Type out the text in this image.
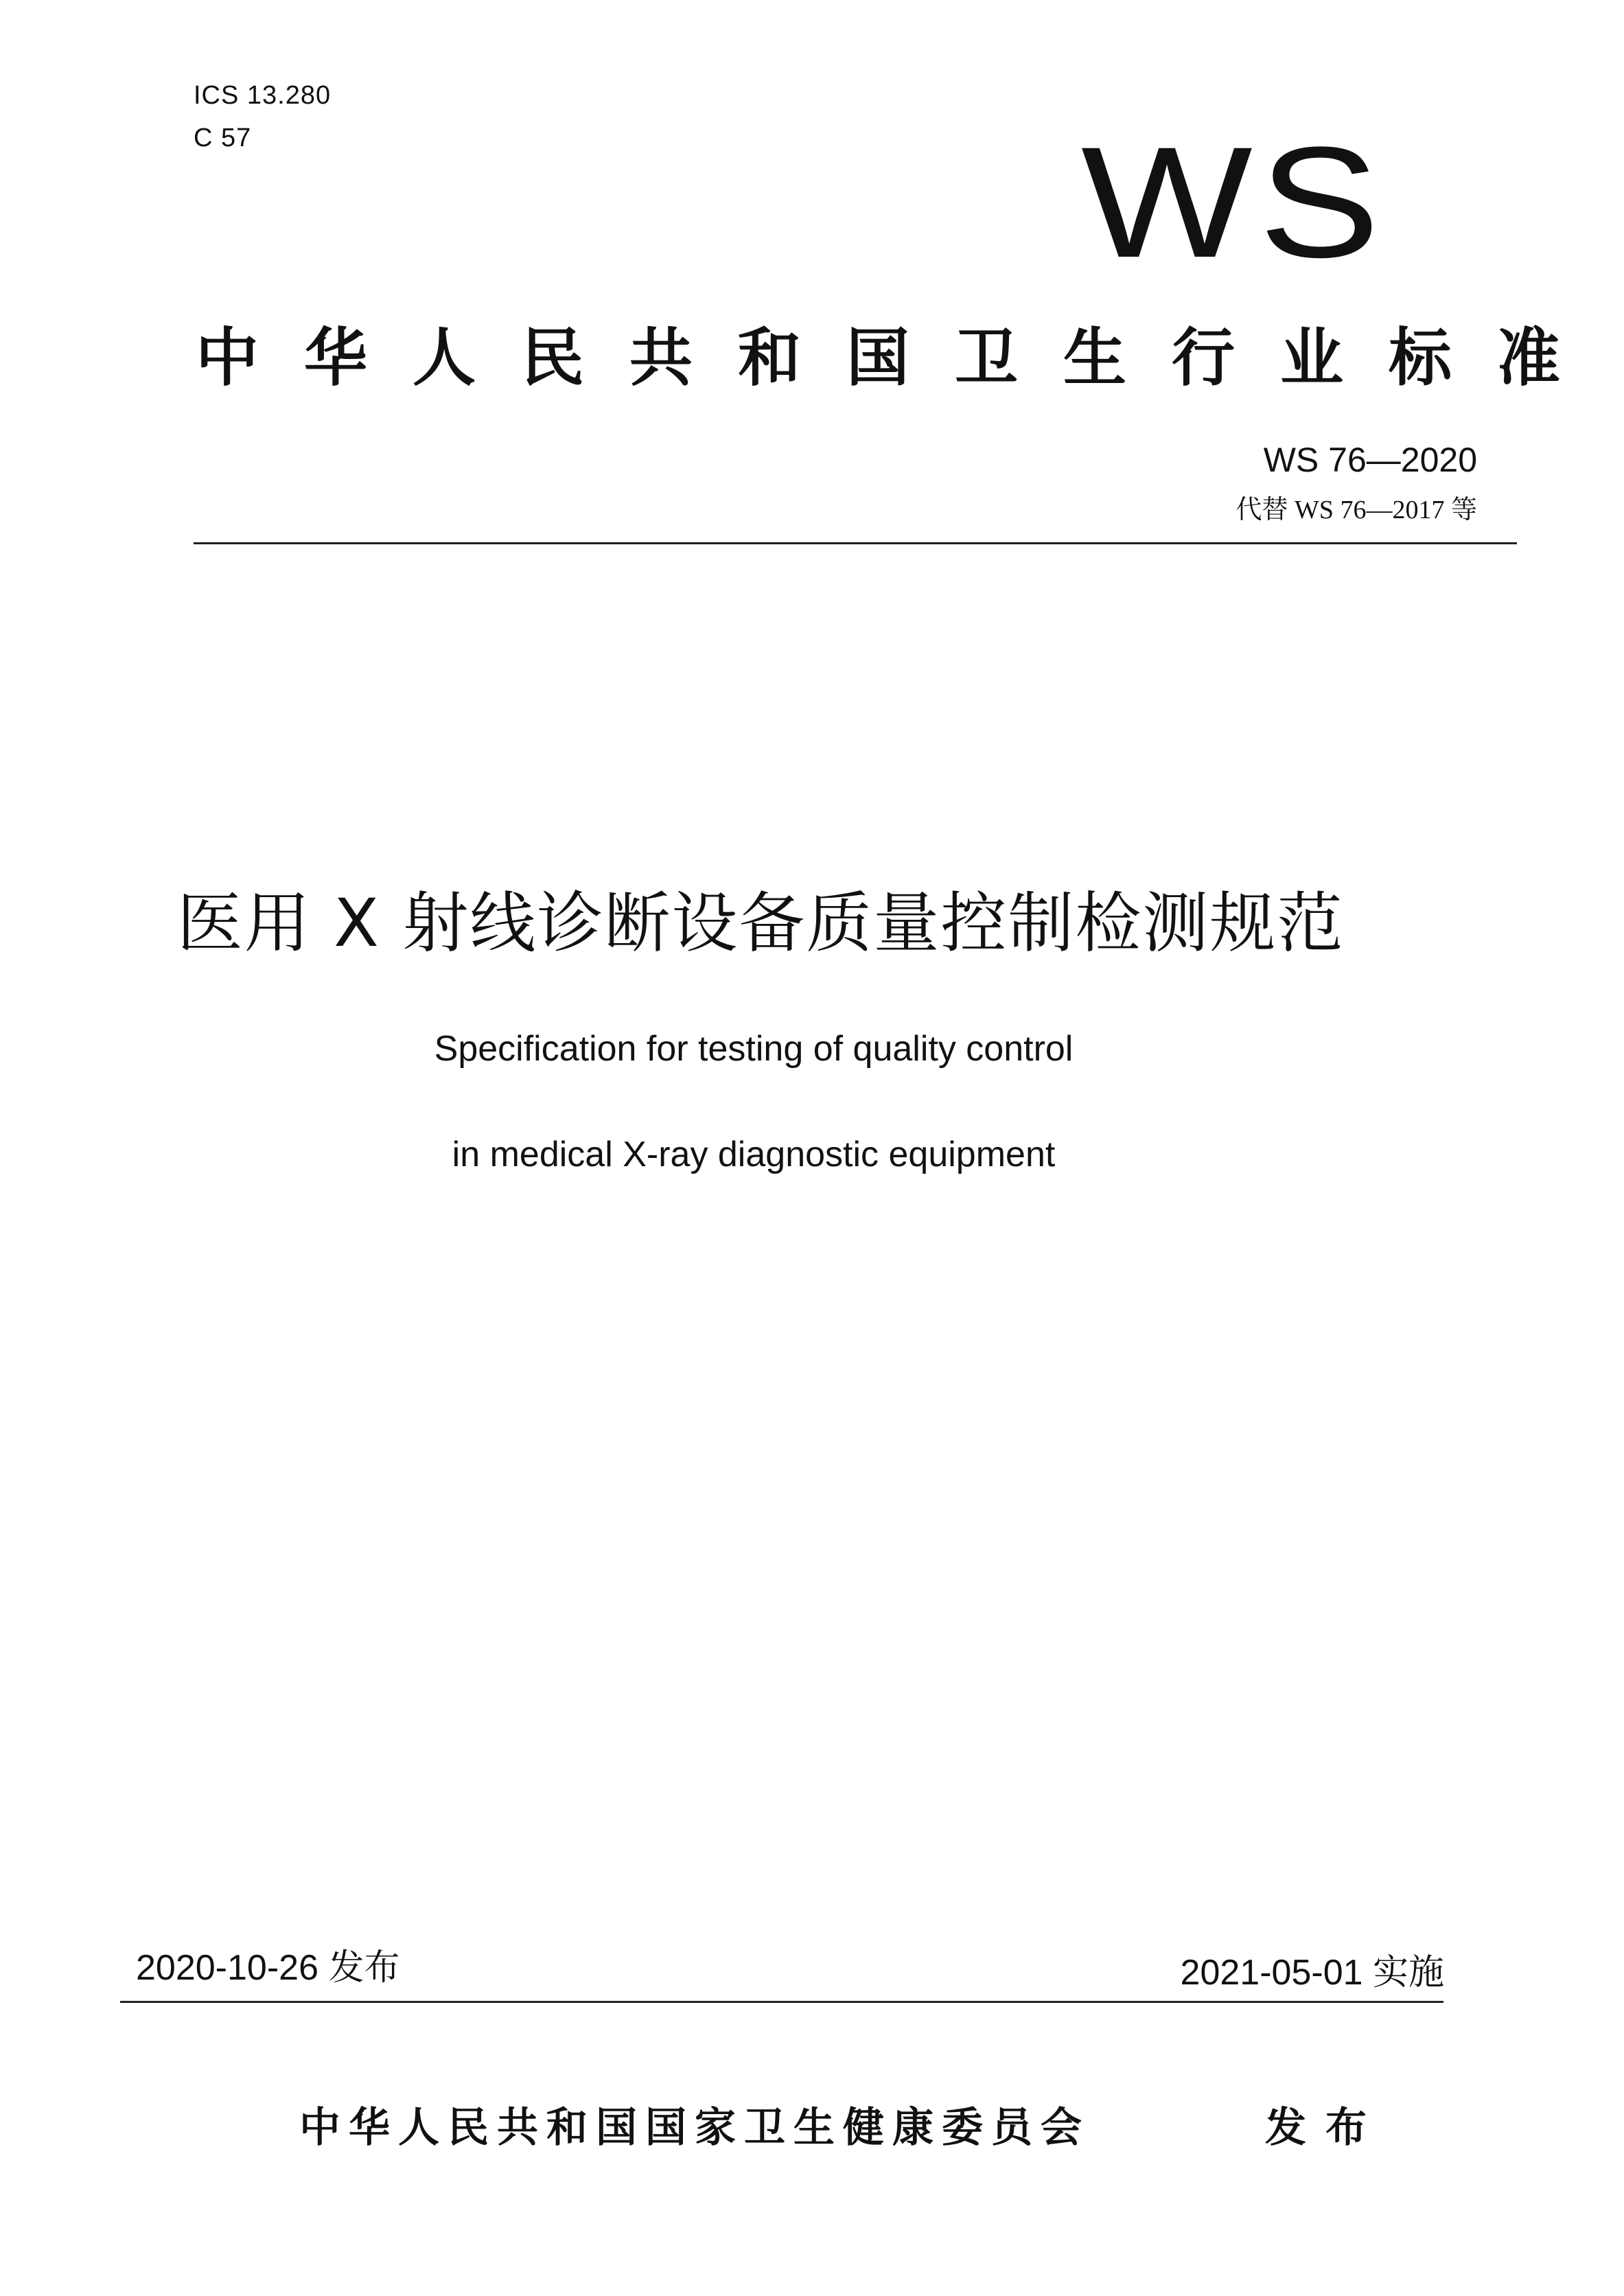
ICS 13.280
C 57	WS
中华人民共和国卫生行业标准
WS 76—2020
代替 WS 76—2017 等
医用 X 射线诊断设备质量控制检测规范
Specification for testing of quality control
in medical X-ray diagnostic equipment
2020-10-26 发布	2021-05-01 实施
中华人民共和国国家卫生健康委员会	发布
